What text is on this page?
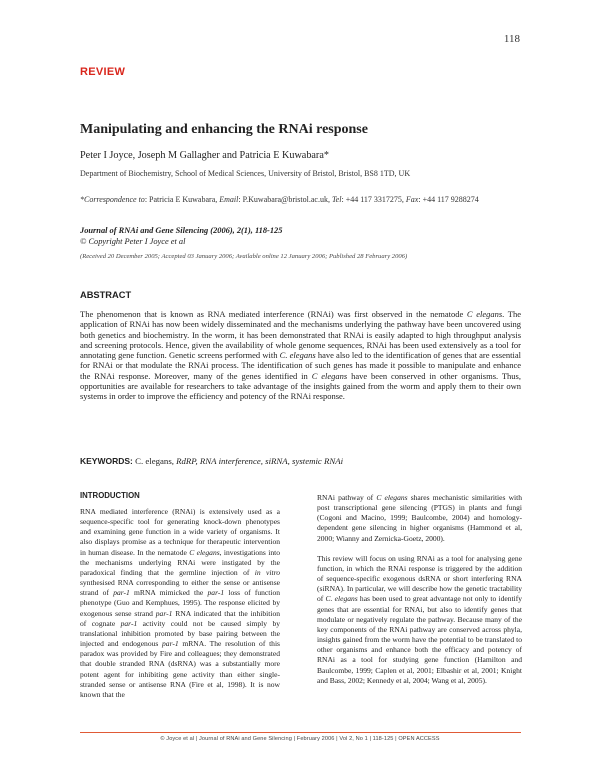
118
REVIEW
Manipulating and enhancing the RNAi response
Peter I Joyce, Joseph M Gallagher and Patricia E Kuwabara*
Department of Biochemistry, School of Medical Sciences, University of Bristol, Bristol, BS8 1TD, UK
*Correspondence to: Patricia E Kuwabara, Email: P.Kuwabara@bristol.ac.uk, Tel: +44 117 3317275, Fax: +44 117 9288274
Journal of RNAi and Gene Silencing (2006), 2(1), 118-125
© Copyright Peter I Joyce et al
(Received 20 December 2005; Accepted 03 January 2006; Available online 12 January 2006; Published 28 February 2006)
ABSTRACT
The phenomenon that is known as RNA mediated interference (RNAi) was first observed in the nematode C elegans. The application of RNAi has now been widely disseminated and the mechanisms underlying the pathway have been uncovered using both genetics and biochemistry. In the worm, it has been demonstrated that RNAi is easily adapted to high throughput analysis and screening protocols. Hence, given the availability of whole genome sequences, RNAi has been used extensively as a tool for annotating gene function. Genetic screens performed with C. elegans have also led to the identification of genes that are essential for RNAi or that modulate the RNAi process. The identification of such genes has made it possible to manipulate and enhance the RNAi response. Moreover, many of the genes identified in C elegans have been conserved in other organisms. Thus, opportunities are available for researchers to take advantage of the insights gained from the worm and apply them to their own systems in order to improve the efficiency and potency of the RNAi response.
KEYWORDS: C. elegans, RdRP, RNA interference, siRNA, systemic RNAi
INTRODUCTION

RNA mediated interference (RNAi) is extensively used as a sequence-specific tool for generating knock-down phenotypes and examining gene function in a wide variety of organisms. It also displays promise as a technique for therapeutic intervention in human disease. In the nematode C elegans, investigations into the mechanisms underlying RNAi were instigated by the paradoxical finding that the germline injection of in vitro synthesised RNA corresponding to either the sense or antisense strand of par-1 mRNA mimicked the par-1 loss of function phenotype (Guo and Kemphues, 1995). The response elicited by exogenous sense strand par-1 RNA indicated that the inhibition of cognate par-1 activity could not be caused simply by translational inhibition promoted by base pairing between the injected and endogenous par-1 mRNA. The resolution of this paradox was provided by Fire and colleagues; they demonstrated that double stranded RNA (dsRNA) was a substantially more potent agent for inhibiting gene activity than either single-stranded sense or antisense RNA (Fire et al, 1998). It is now known that the

RNAi pathway of C elegans shares mechanistic similarities with post transcriptional gene silencing (PTGS) in plants and fungi (Cogoni and Macino, 1999; Baulcombe, 2004) and homology-dependent gene silencing in higher organisms (Hammond et al, 2000; Wianny and Zernicka-Goetz, 2000).

This review will focus on using RNAi as a tool for analysing gene function, in which the RNAi response is triggered by the addition of sequence-specific exogenous dsRNA or short interfering RNA (siRNA). In particular, we will describe how the genetic tractability of C. elegans has been used to great advantage not only to identify genes that are essential for RNAi, but also to identify genes that modulate or negatively regulate the pathway. Because many of the key components of the RNAi pathway are conserved across phyla, insights gained from the worm have the potential to be translated to other organisms and enhance both the efficacy and potency of RNAi as a tool for studying gene function (Hamilton and Baulcombe, 1999; Caplen et al, 2001; Elbashir et al, 2001; Knight and Bass, 2002; Kennedy et al, 2004; Wang et al, 2005).

© Joyce et al | Journal of RNAi and Gene Silencing | February 2006 | Vol 2, No 1 | 118-125 | OPEN ACCESS
